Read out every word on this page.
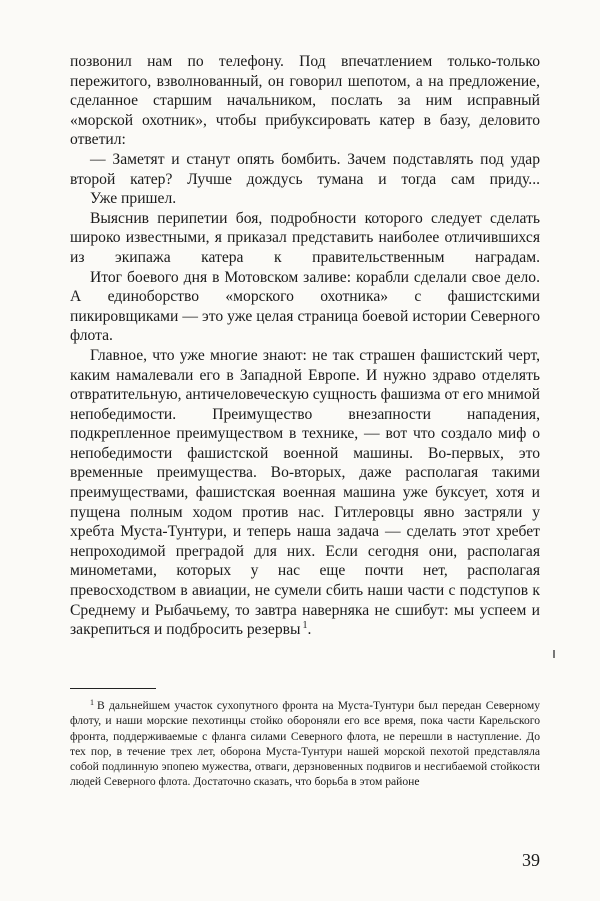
позвонил нам по телефону. Под впечатлением только-только пережитого, взволнованный, он говорил шепотом, а на предложение, сделанное старшим начальником, послать за ним исправный «морской охотник», чтобы прибуксировать катер в базу, деловито ответил:

— Заметят и станут опять бомбить. Зачем подставлять под удар второй катер? Лучше дождусь тумана и тогда сам приду...

Уже пришел.

Выяснив перипетии боя, подробности которого следует сделать широко известными, я приказал представить наиболее отличившихся из экипажа катера к правительственным наградам.

Итог боевого дня в Мотовском заливе: корабли сделали свое дело. А единоборство «морского охотника» с фашистскими пикировщиками — это уже целая страница боевой истории Северного флота.

Главное, что уже многие знают: не так страшен фашистский черт, каким намалевали его в Западной Европе. И нужно здраво отделять отвратительную, античеловеческую сущность фашизма от его мнимой непобедимости. Преимущество внезапности нападения, подкрепленное преимуществом в технике, — вот что создало миф о непобедимости фашистской военной машины. Во-первых, это временные преимущества. Во-вторых, даже располагая такими преимуществами, фашистская военная машина уже буксует, хотя и пущена полным ходом против нас. Гитлеровцы явно застряли у хребта Муста-Тунтури, и теперь наша задача — сделать этот хребет непроходимой преградой для них. Если сегодня они, располагая минометами, которых у нас еще почти нет, располагая превосходством в авиации, не сумели сбить наши части с подступов к Среднему и Рыбачьему, то завтра наверняка не сшибут: мы успеем и закрепиться и подбросить резервы $^1$.

$^1$ В дальнейшем участок сухопутного фронта на Муста-Тунтури был передан Северному флоту, и наши морские пехотинцы стойко обороняли его все время, пока части Карельского фронта, поддерживаемые с фланга силами Северного флота, не перешли в наступление. До тех пор, в течение трех лет, оборона Муста-Тунтури нашей морской пехотой представляла собой подлинную эпопею мужества, отваги, дерзновенных подвигов и несгибаемой стойкости людей Северного флота. Достаточно сказать, что борьба в этом районе

39
